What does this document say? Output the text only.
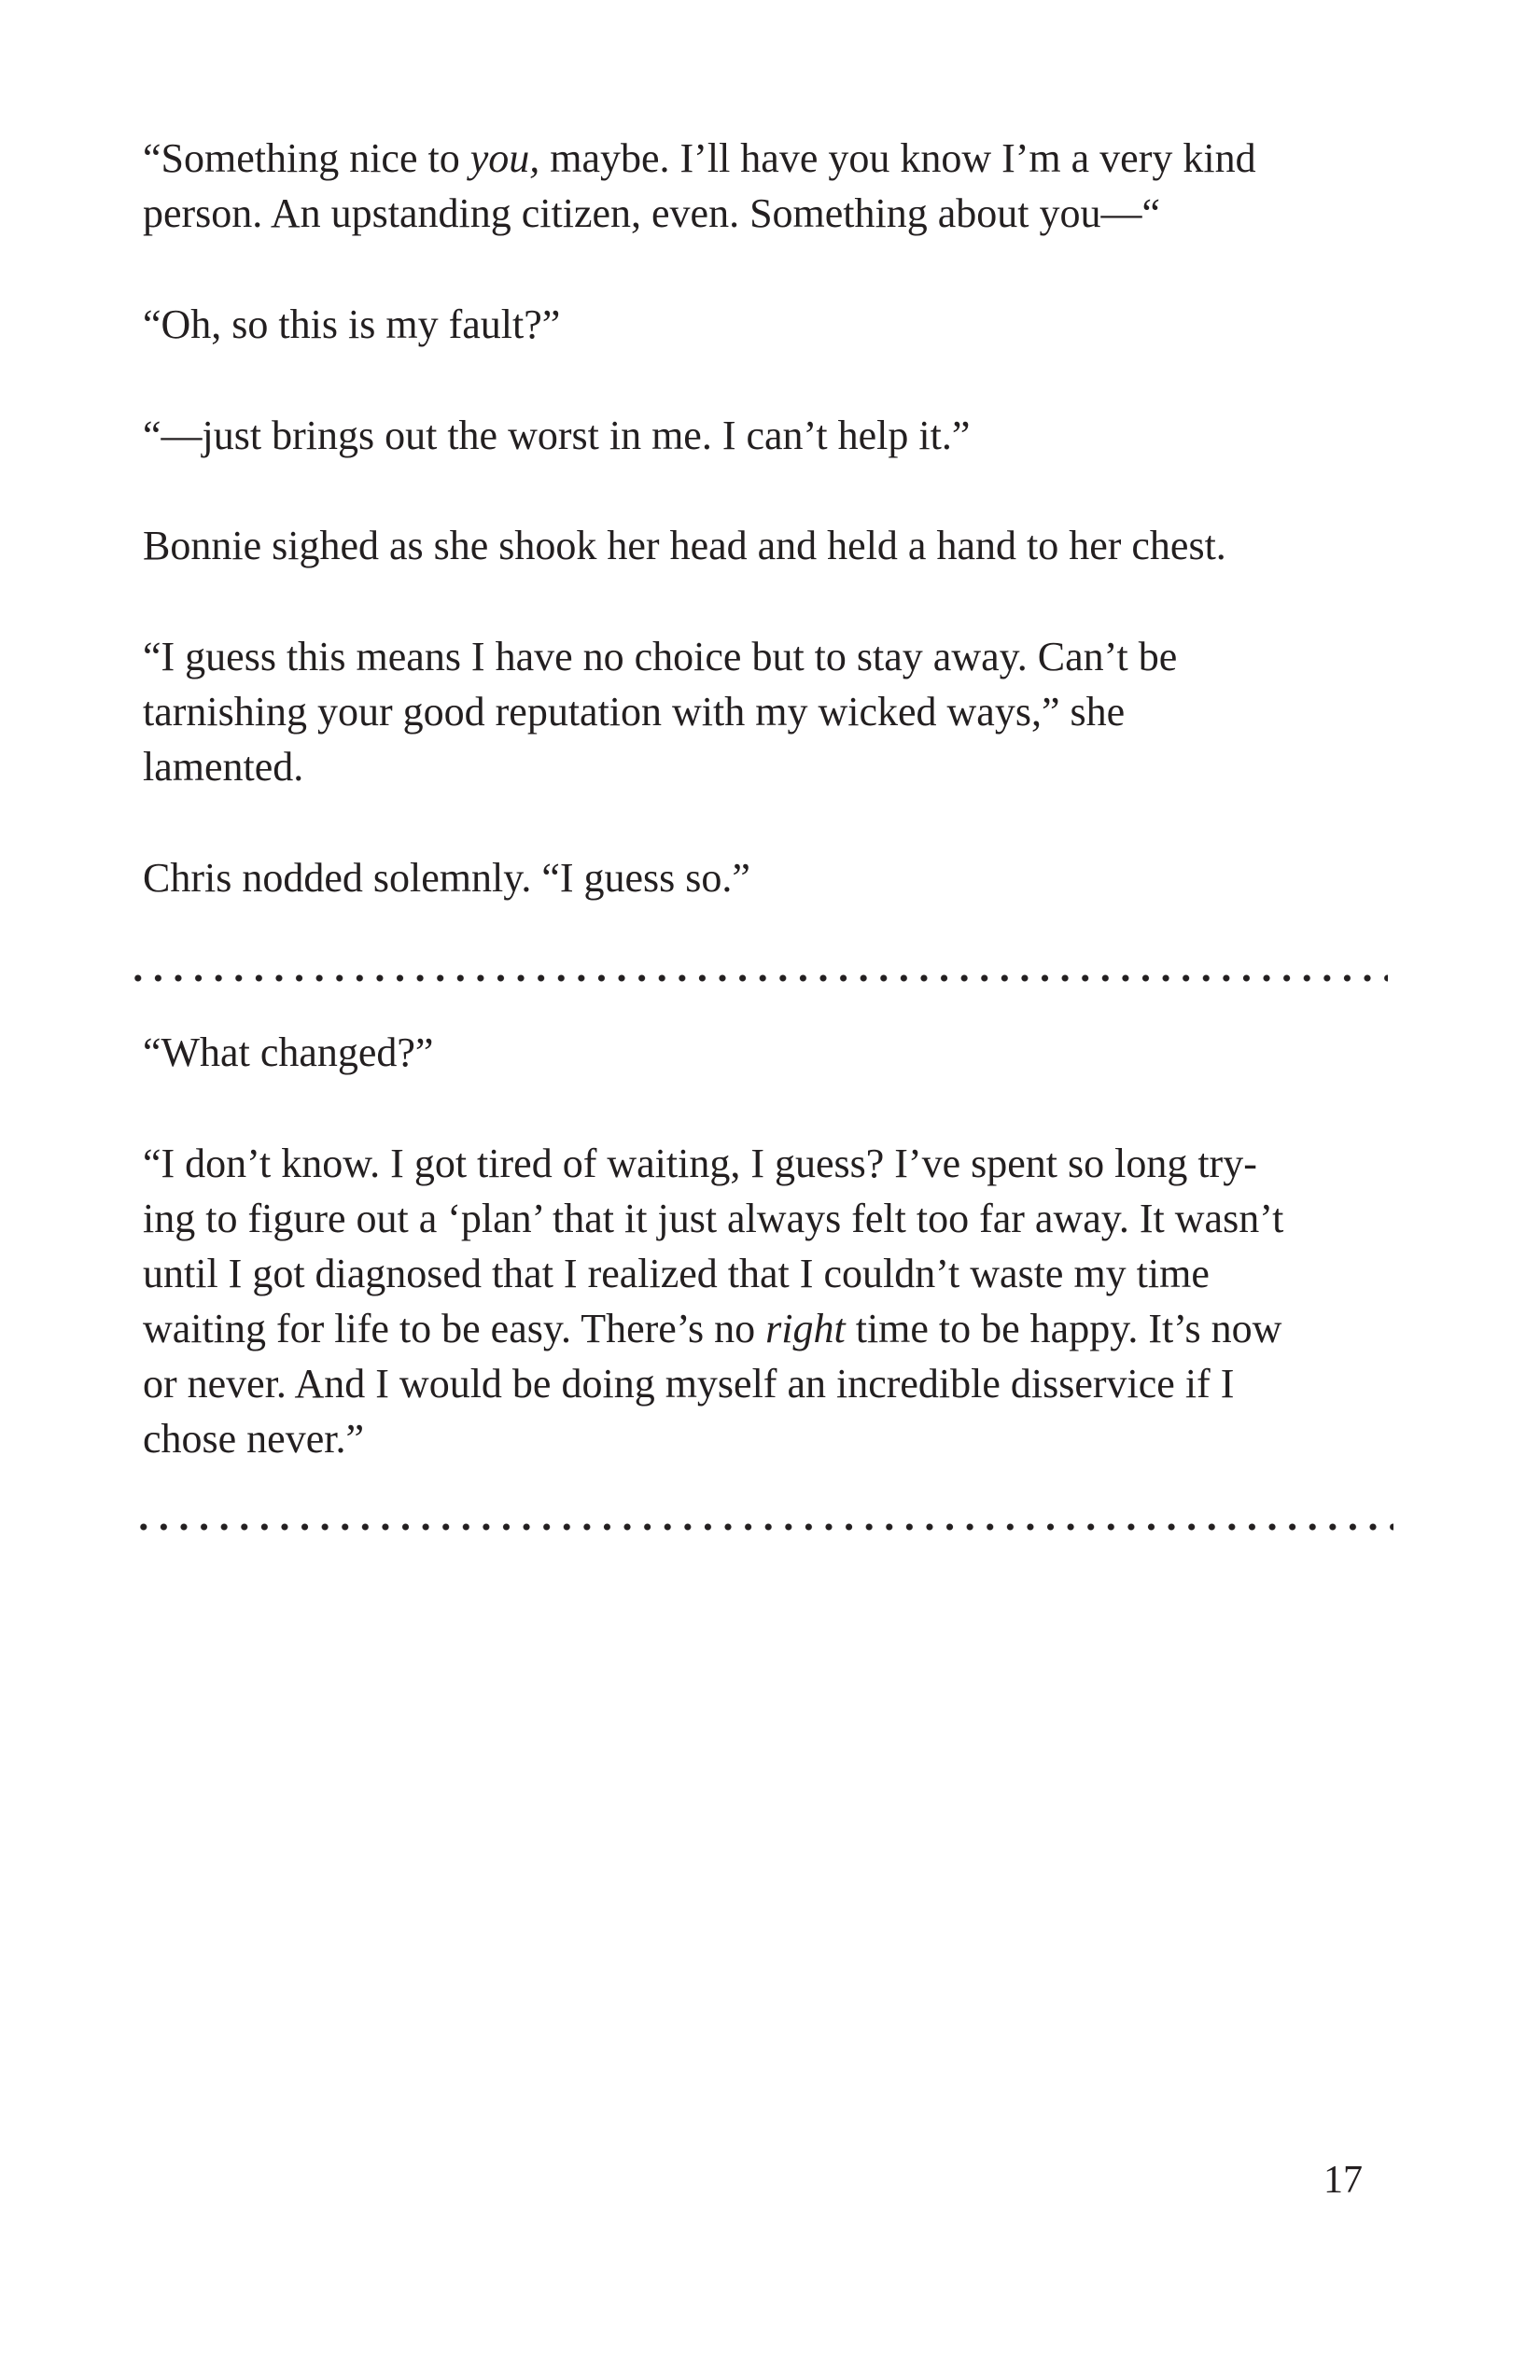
“Something nice to you, maybe. I’ll have you know I’m a very kind
person. An upstanding citizen, even. Something about you—“

“Oh, so this is my fault?”

“—just brings out the worst in me. I can’t help it.”

Bonnie sighed as she shook her head and held a hand to her chest.

“I guess this means I have no choice but to stay away. Can’t be
tarnishing your good reputation with my wicked ways,” she
lamented.

Chris nodded solemnly. “I guess so.”

“What changed?”

“I don’t know. I got tired of waiting, I guess? I’ve spent so long try-
ing to figure out a ‘plan’ that it just always felt too far away. It wasn’t
until I got diagnosed that I realized that I couldn’t waste my time
waiting for life to be easy. There’s no right time to be happy. It’s now
or never. And I would be doing myself an incredible disservice if I
chose never.”

17
